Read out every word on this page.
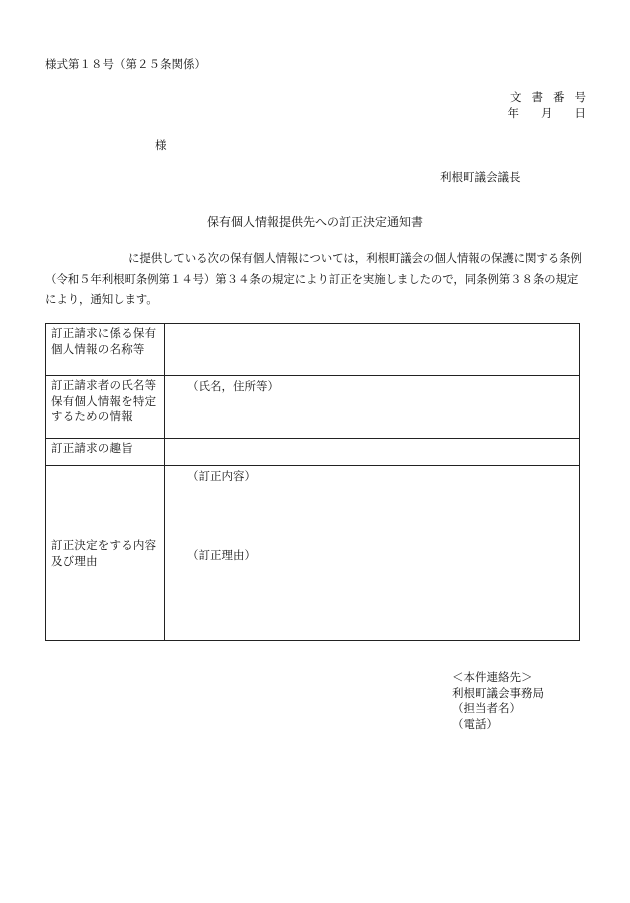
様式第１８号（第２５条関係）
文書番号
年 月 日
様
利根町議会議長
保有個人情報提供先への訂正決定通知書
に提供している次の保有個人情報については，利根町議会の個人情報の保護に関する条例（令和５年利根町条例第１４号）第３４条の規定により訂正を実施しましたので，同条例第３８条の規定により，通知します。
訂正請求に係る保有個人情報の名称等	
訂正請求者の氏名等保有個人情報を特定するための情報	（氏名，住所等）
訂正請求の趣旨	
訂正決定をする内容及び理由	（訂正内容）
（訂正理由）
＜本件連絡先＞
利根町議会事務局
（担当者名）
（電話）
